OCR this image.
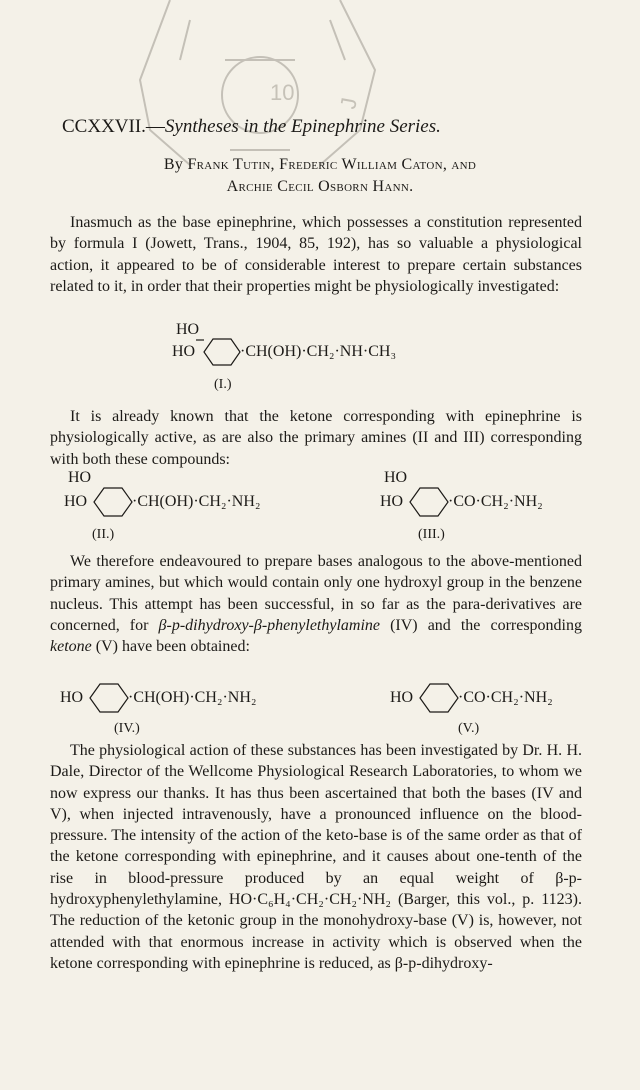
10 J
CCXXVII.—Syntheses in the Epinephrine Series.
By Frank Tutin, Frederic William Caton, and
Archie Cecil Osborn Hann.

Inasmuch as the base epinephrine, which possesses a constitution represented by formula I (Jowett, Trans., 1904, 85, 192), has so valuable a physiological action, it appeared to be of considerable interest to prepare certain substances related to it, in order that their properties might be physiologically investigated:

HO
HO	·CH(OH)·CH₂·NH·CH₃
(I.)

It is already known that the ketone corresponding with epinephrine is physiologically active, as are also the primary amines (II and III) corresponding with both these compounds:

HO
HO	·CH(OH)·CH₂·NH₂
(II.)
HO
HO	·CO·CH₂·NH₂
(III.)

We therefore endeavoured to prepare bases analogous to the above-mentioned primary amines, but which would contain only one hydroxyl group in the benzene nucleus. This attempt has been successful, in so far as the para-derivatives are concerned, for β-p-dihydroxy-β-phenylethylamine (IV) and the corresponding ketone (V) have been obtained:

HO	·CH(OH)·CH₂·NH₂
(IV.)
HO	·CO·CH₂·NH₂
(V.)

The physiological action of these substances has been investigated by Dr. H. H. Dale, Director of the Wellcome Physiological Research Laboratories, to whom we now express our thanks. It has thus been ascertained that both the bases (IV and V), when injected intravenously, have a pronounced influence on the blood-pressure. The intensity of the action of the keto-base is of the same order as that of the ketone corresponding with epinephrine, and it causes about one-tenth of the rise in blood-pressure produced by an equal weight of β-p-hydroxyphenylethylamine, HO·C₆H₄·CH₂·CH₂·NH₂ (Barger, this vol., p. 1123). The reduction of the ketonic group in the monohydroxy-base (V) is, however, not attended with that enormous increase in activity which is observed when the ketone corresponding with epinephrine is reduced, as β-p-dihydroxy-
